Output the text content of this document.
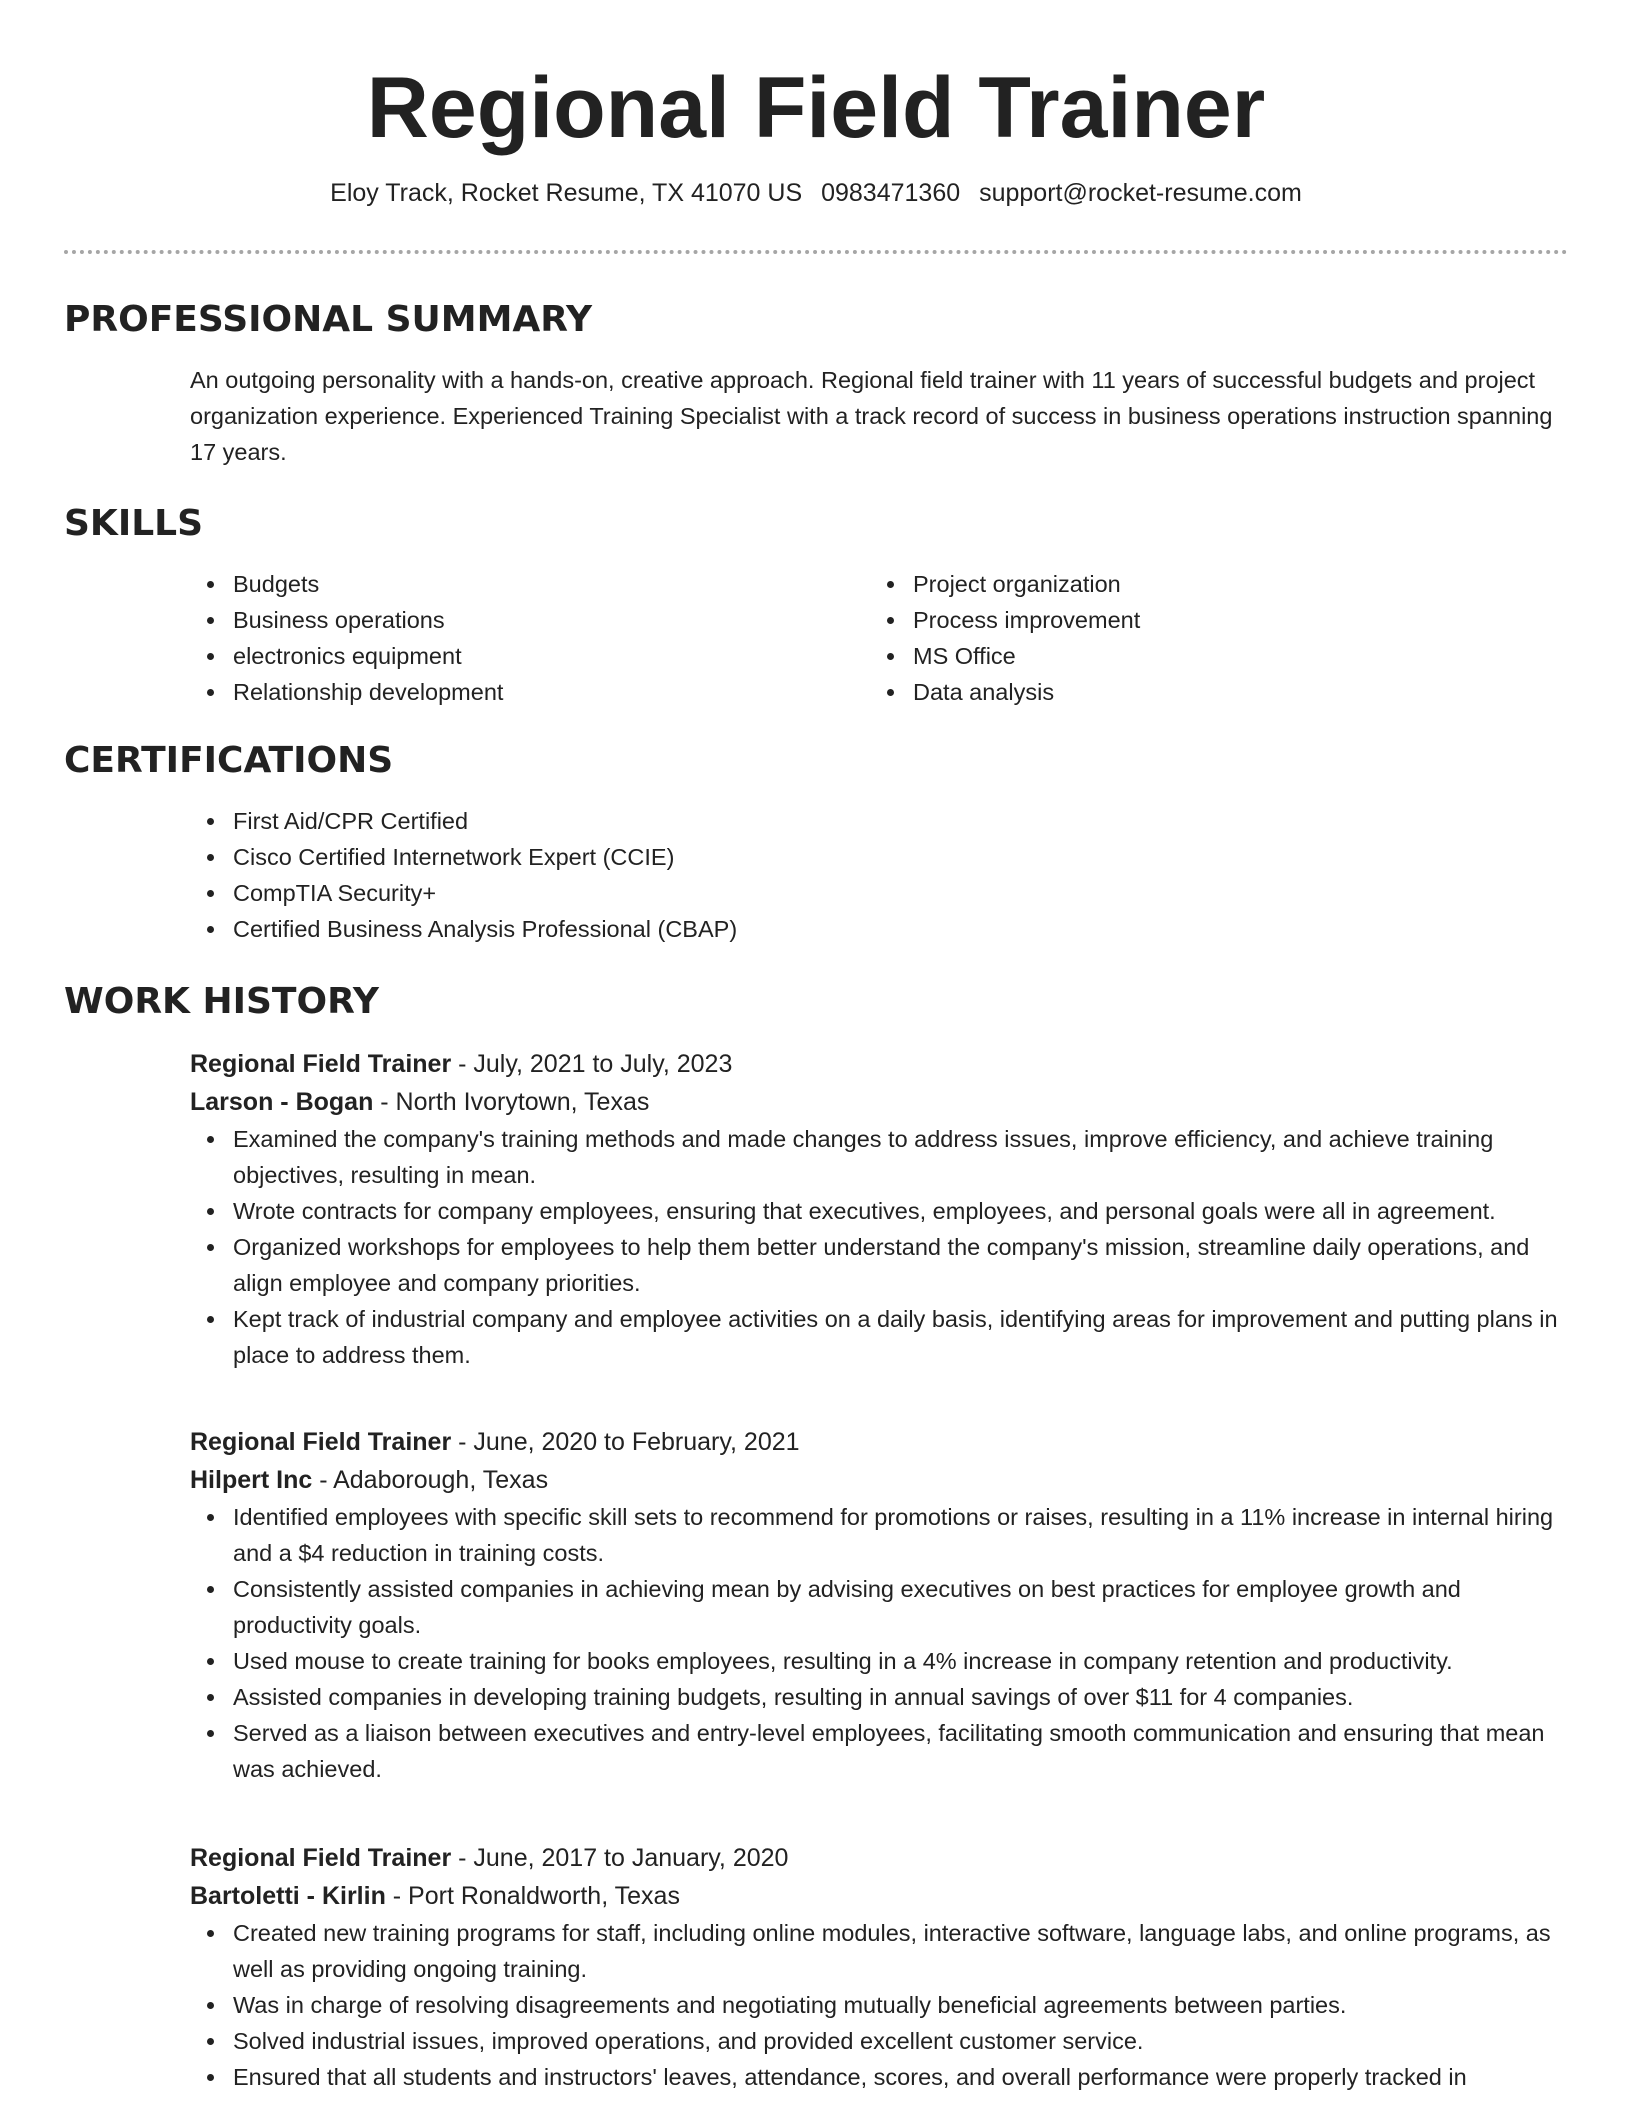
Regional Field Trainer
Eloy Track, Rocket Resume, TX 41070 US 0983471360 support@rocket-resume.com
PROFESSIONAL SUMMARY

An outgoing personality with a hands-on, creative approach. Regional field trainer with 11 years of successful budgets and project organization experience. Experienced Training Specialist with a track record of success in business operations instruction spanning 17 years.

SKILLS
Budgets
Business operations
electronics equipment
Relationship development
Project organization
Process improvement
MS Office
Data analysis
CERTIFICATIONS
First Aid/CPR Certified
Cisco Certified Internetwork Expert (CCIE)
CompTIA Security+
Certified Business Analysis Professional (CBAP)
WORK HISTORY
Regional Field Trainer - July, 2021 to July, 2023
Larson - Bogan - North Ivorytown, Texas
Examined the company's training methods and made changes to address issues, improve efficiency, and achieve training objectives, resulting in mean.
Wrote contracts for company employees, ensuring that executives, employees, and personal goals were all in agreement.
Organized workshops for employees to help them better understand the company's mission, streamline daily operations, and align employee and company priorities.
Kept track of industrial company and employee activities on a daily basis, identifying areas for improvement and putting plans in place to address them.
Regional Field Trainer - June, 2020 to February, 2021
Hilpert Inc - Adaborough, Texas
Identified employees with specific skill sets to recommend for promotions or raises, resulting in a 11% increase in internal hiring and a $4 reduction in training costs.
Consistently assisted companies in achieving mean by advising executives on best practices for employee growth and productivity goals.
Used mouse to create training for books employees, resulting in a 4% increase in company retention and productivity.
Assisted companies in developing training budgets, resulting in annual savings of over $11 for 4 companies.
Served as a liaison between executives and entry-level employees, facilitating smooth communication and ensuring that mean was achieved.
Regional Field Trainer - June, 2017 to January, 2020
Bartoletti - Kirlin - Port Ronaldworth, Texas
Created new training programs for staff, including online modules, interactive software, language labs, and online programs, as well as providing ongoing training.
Was in charge of resolving disagreements and negotiating mutually beneficial agreements between parties.
Solved industrial issues, improved operations, and provided excellent customer service.
Ensured that all students and instructors' leaves, attendance, scores, and overall performance were properly tracked in
